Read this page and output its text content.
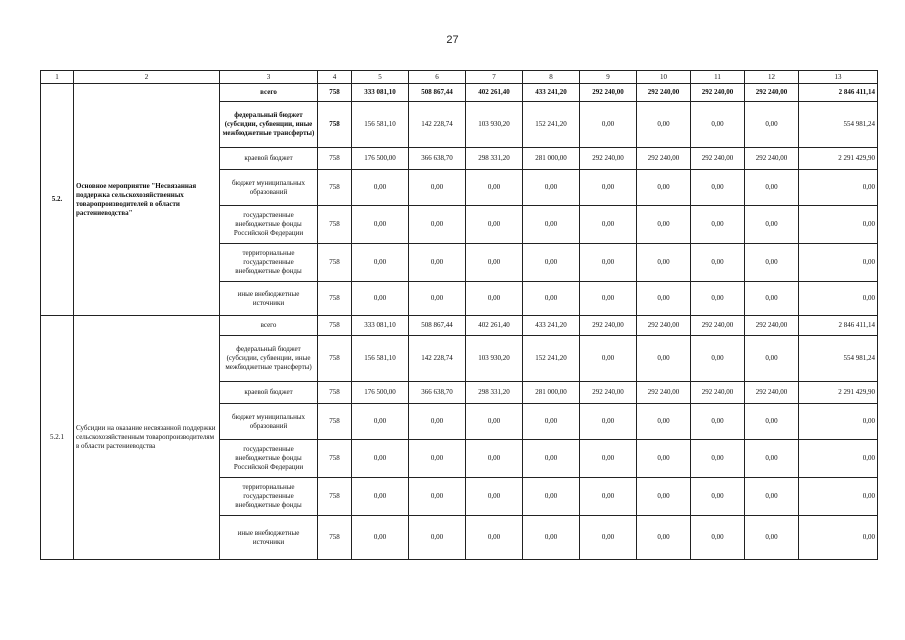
27
1	2	3	4	5	6	7	8	9	10	11	12	13
5.2.	Основное мероприятие "Несвязанная поддержка сельскохозяйственных товаропроизводителей в области растениеводства"	всего	758	333 081,10	508 867,44	402 261,40	433 241,20	292 240,00	292 240,00	292 240,00	292 240,00	2 846 411,14
		федеральный бюджет (субсидии, субвенции, иные межбюджетные трансферты)	758	156 581,10	142 228,74	103 930,20	152 241,20	0,00	0,00	0,00	0,00	554 981,24
		краевой бюджет	758	176 500,00	366 638,70	298 331,20	281 000,00	292 240,00	292 240,00	292 240,00	292 240,00	2 291 429,90
		бюджет муниципальных образований	758	0,00	0,00	0,00	0,00	0,00	0,00	0,00	0,00	0,00
		государственные внебюджетные фонды Российской Федерации	758	0,00	0,00	0,00	0,00	0,00	0,00	0,00	0,00	0,00
		территориальные государственные внебюджетные фонды	758	0,00	0,00	0,00	0,00	0,00	0,00	0,00	0,00	0,00
		иные внебюджетные источники	758	0,00	0,00	0,00	0,00	0,00	0,00	0,00	0,00	0,00
5.2.1	Субсидии на оказание несвязанной поддержки сельскохозяйственным товаропроизводителям в области растениеводства	всего	758	333 081,10	508 867,44	402 261,40	433 241,20	292 240,00	292 240,00	292 240,00	292 240,00	2 846 411,14
		федеральный бюджет (субсидии, субвенции, иные межбюджетные трансферты)	758	156 581,10	142 228,74	103 930,20	152 241,20	0,00	0,00	0,00	0,00	554 981,24
		краевой бюджет	758	176 500,00	366 638,70	298 331,20	281 000,00	292 240,00	292 240,00	292 240,00	292 240,00	2 291 429,90
		бюджет муниципальных образований	758	0,00	0,00	0,00	0,00	0,00	0,00	0,00	0,00	0,00
		государственные внебюджетные фонды Российской Федерации	758	0,00	0,00	0,00	0,00	0,00	0,00	0,00	0,00	0,00
		территориальные государственные внебюджетные фонды	758	0,00	0,00	0,00	0,00	0,00	0,00	0,00	0,00	0,00
		иные внебюджетные источники	758	0,00	0,00	0,00	0,00	0,00	0,00	0,00	0,00	0,00
